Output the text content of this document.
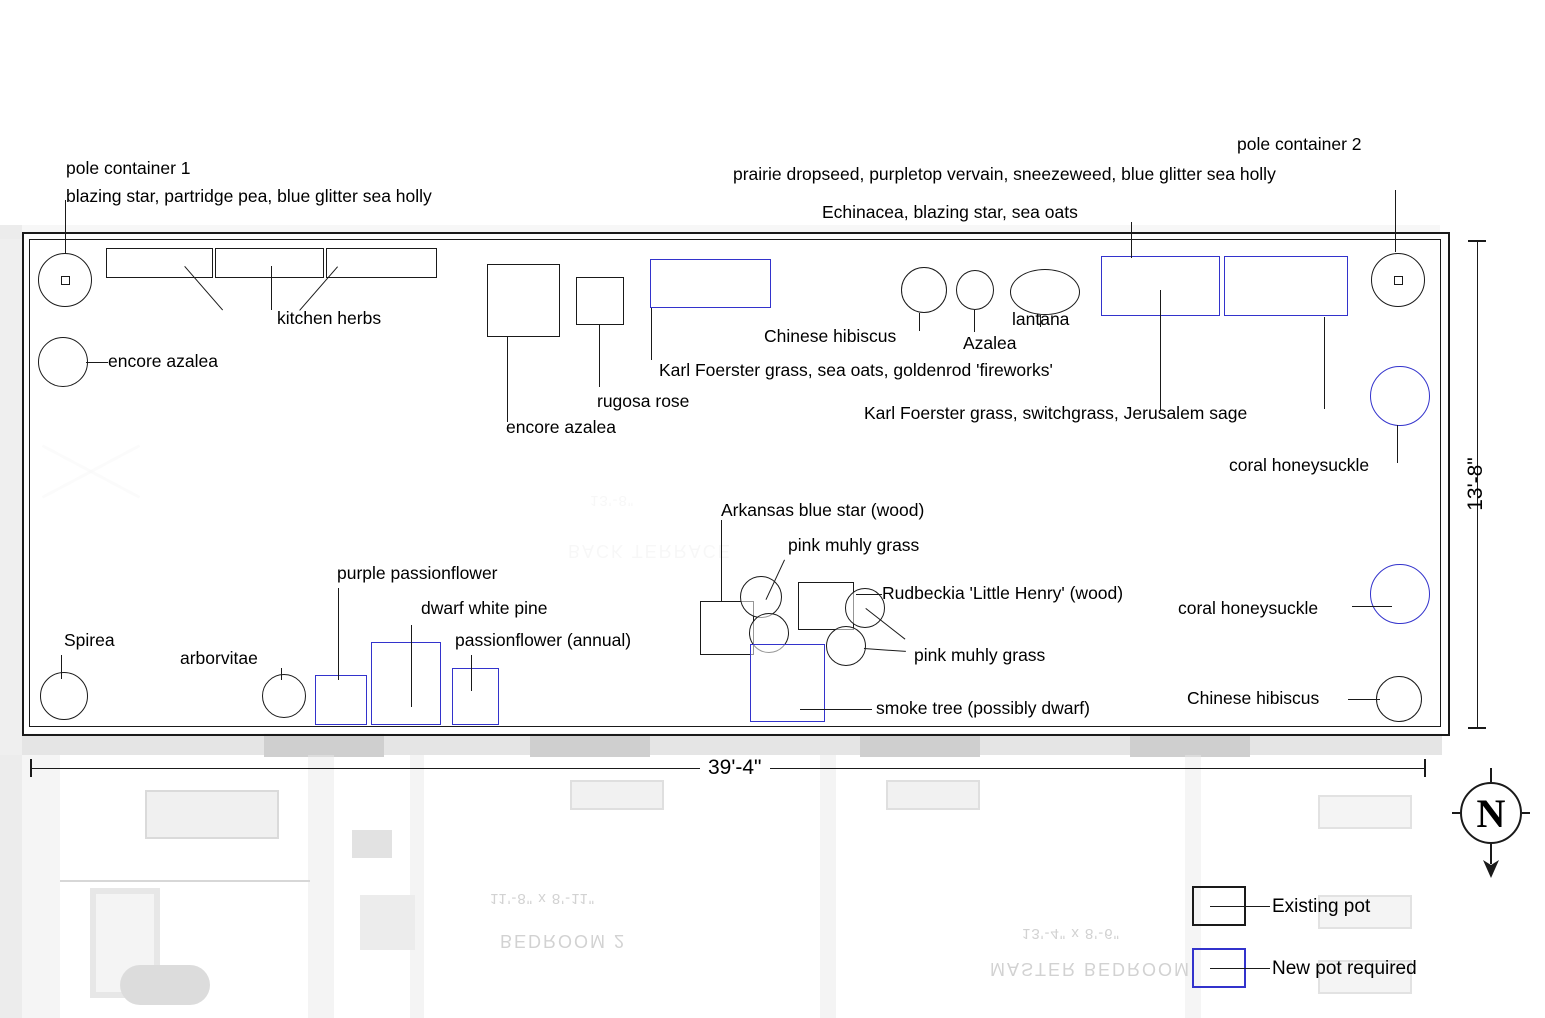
11'-8" x 8'-11"
BEDROOM 2	13'-4" x 8'-6"
MASTER BEDROOM
pole container 1
blazing star, partridge pea, blue glitter sea holly
pole container 2
prairie dropseed, purpletop vervain, sneezeweed, blue glitter sea holly
Echinacea, blazing star, sea oats
kitchen herbs
encore azalea
Chinese hibiscus	Azalea
lantana
Karl Foerster grass, sea oats, goldenrod 'fireworks'
rugosa rose
encore azalea
Karl Foerster grass, switchgrass, Jerusalem sage
coral honeysuckle
Arkansas blue star (wood)
pink muhly grass
Rudbeckia 'Little Henry' (wood)
coral honeysuckle
pink muhly grass
purple passionflower
dwarf white pine
passionflower (annual)
Spirea
arborvitae
smoke tree (possibly dwarf)	Chinese hibiscus
13'-8"
39'-4"
N
Existing pot
New pot required
